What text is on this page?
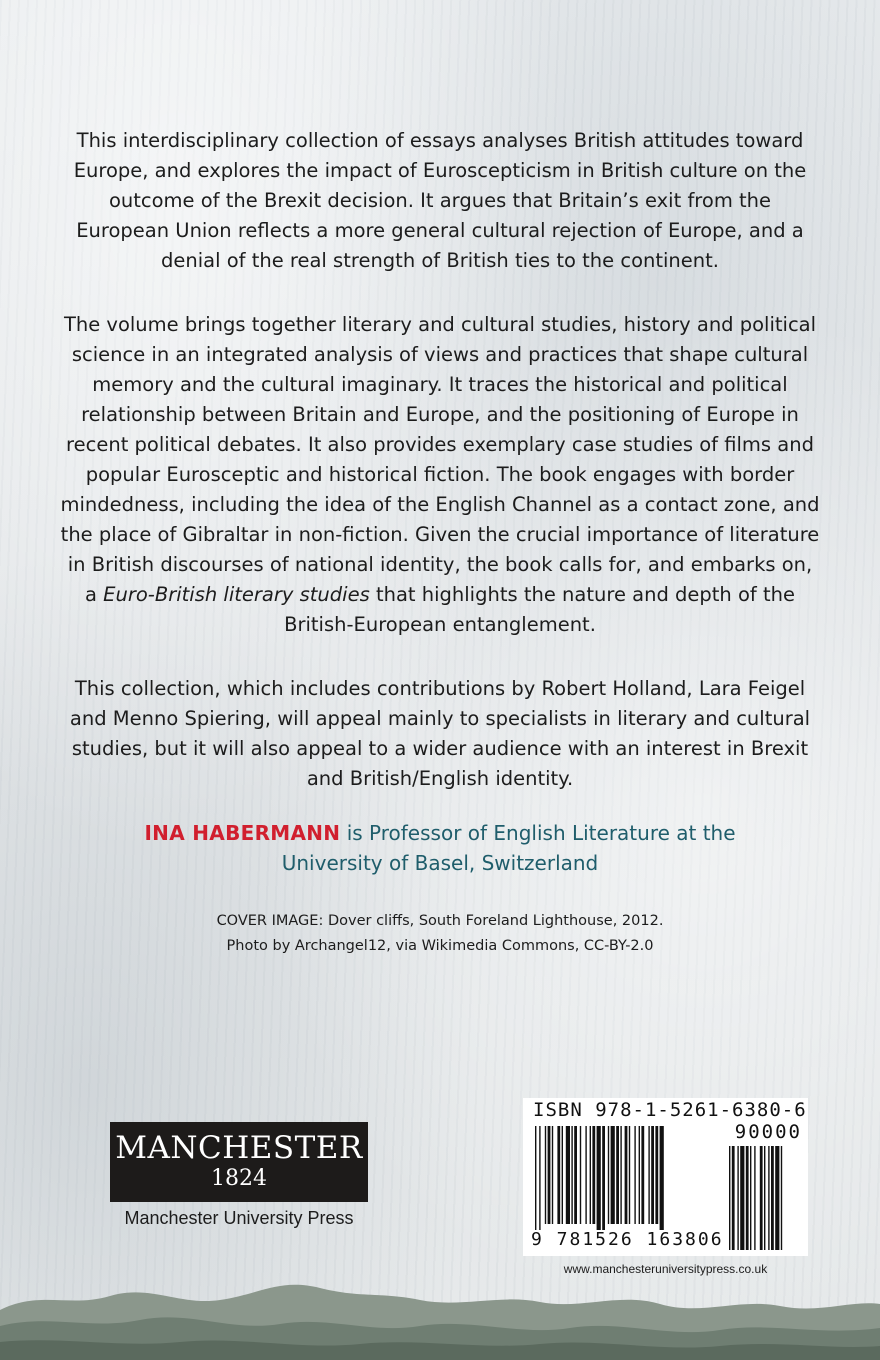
This interdisciplinary collection of essays analyses British attitudes toward Europe, and explores the impact of Euroscepticism in British culture on the outcome of the Brexit decision. It argues that Britain’s exit from the European Union reflects a more general cultural rejection of Europe, and a denial of the real strength of British ties to the continent.

The volume brings together literary and cultural studies, history and political science in an integrated analysis of views and practices that shape cultural memory and the cultural imaginary. It traces the historical and political relationship between Britain and Europe, and the positioning of Europe in recent political debates. It also provides exemplary case studies of films and popular Eurosceptic and historical fiction. The book engages with border mindedness, including the idea of the English Channel as a contact zone, and the place of Gibraltar in non-fiction. Given the crucial importance of literature in British discourses of national identity, the book calls for, and embarks on, a Euro-British literary studies that highlights the nature and depth of the British-European entanglement.

This collection, which includes contributions by Robert Holland, Lara Feigel and Menno Spiering, will appeal mainly to specialists in literary and cultural studies, but it will also appeal to a wider audience with an interest in Brexit and British/English identity.

INA HABERMANN is Professor of English Literature at the
University of Basel, Switzerland

COVER IMAGE: Dover cliffs, South Foreland Lighthouse, 2012.
Photo by Archangel12, via Wikimedia Commons, CC-BY-2.0

MANCHESTER
1824
Manchester University Press
ISBN 978-1-5261-6380-6
90000
9 781526 163806
www.manchesteruniversitypress.co.uk
